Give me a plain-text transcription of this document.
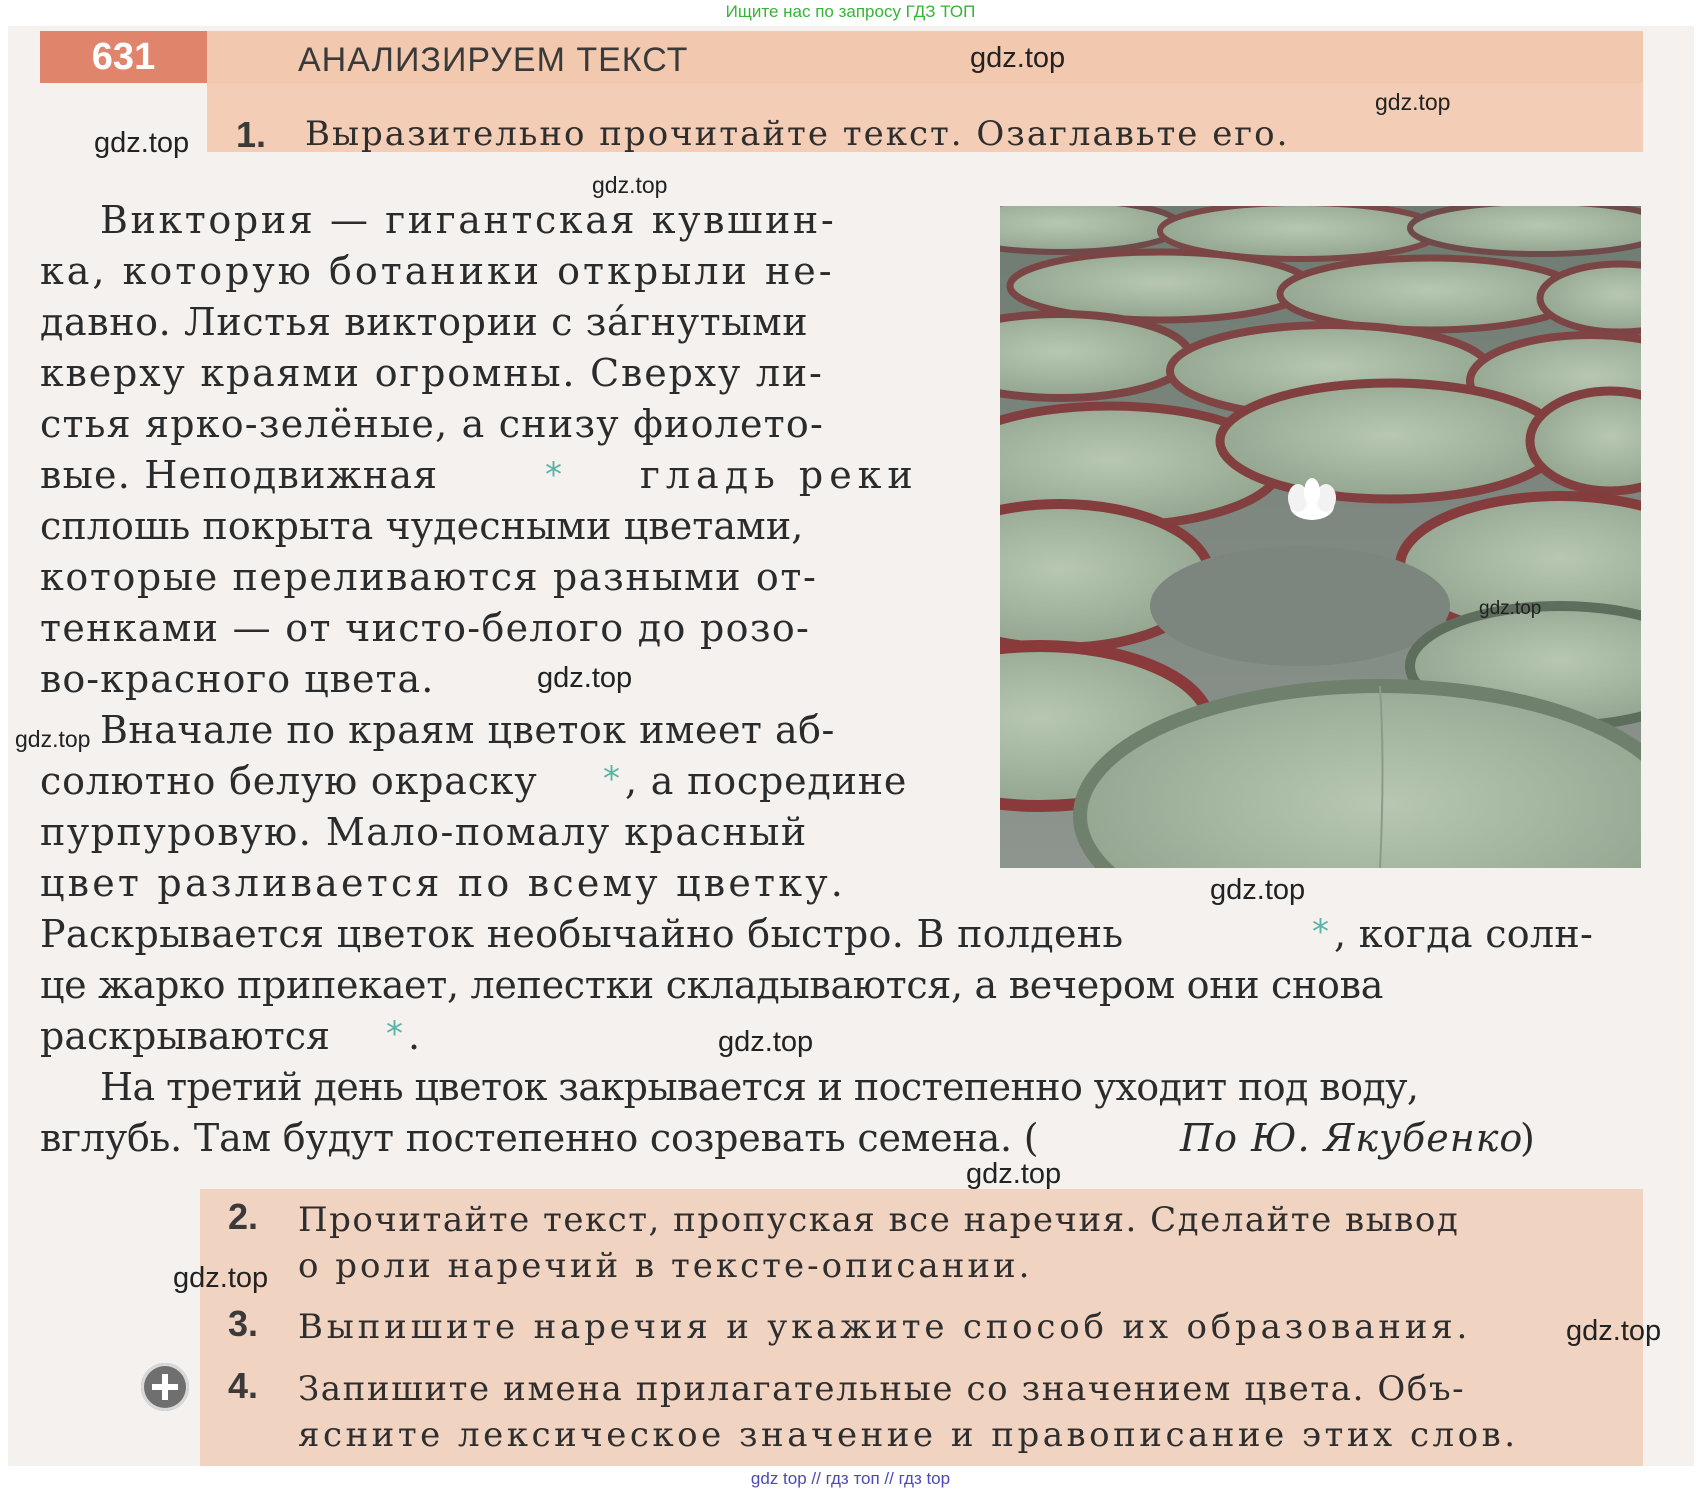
Ищите нас по запросу ГДЗ ТОП
631	АНАЛИЗИРУЕМ ТЕКСТ
1. Выразительно прочитайте текст. Озаглавьте его.
Виктория — гигантская кувшин-
ка, которую ботаники открыли не-
давно. Листья виктории с зáгнутыми
кверху краями огромны. Сверху ли-
стья ярко-зелёные, а снизу фиолето-
вые. Неподвижная	* гладь реки
сплошь покрыта чудесными цветами,
которые переливаются разными от-
тенками — от чисто-белого до розо-
во-красного цвета.
Вначале по краям цветок имеет аб-
солютно белую окраску * , а посредине
пурпуровую. Мало-помалу красный
цвет разливается по всему цветку.
Раскрывается цветок необычайно быстро. В полдень	* , когда солн-
це жарко припекает, лепестки складываются, а вечером они снова
раскрываются * .
На третий день цветок закрывается и постепенно уходит под воду,
вглубь. Там будут постепенно созревать семена. (	По Ю. Якубенко
)
2. Прочитайте текст, пропуская все наречия. Сделайте вывод
о роли наречий в тексте-описании.
3. Выпишите наречия и укажите способ их образования.
4. Запишите имена прилагательные со значением цвета. Объ-
ясните лексическое значение и правописание этих слов.
gdz.top
gdz.top
gdz.top
gdz.top
gdz.top
gdz.top
gdz.top
gdz.top
gdz.top
gdz.top
gdz.top
gdz.top
gdz top // гдз топ // гдз top
